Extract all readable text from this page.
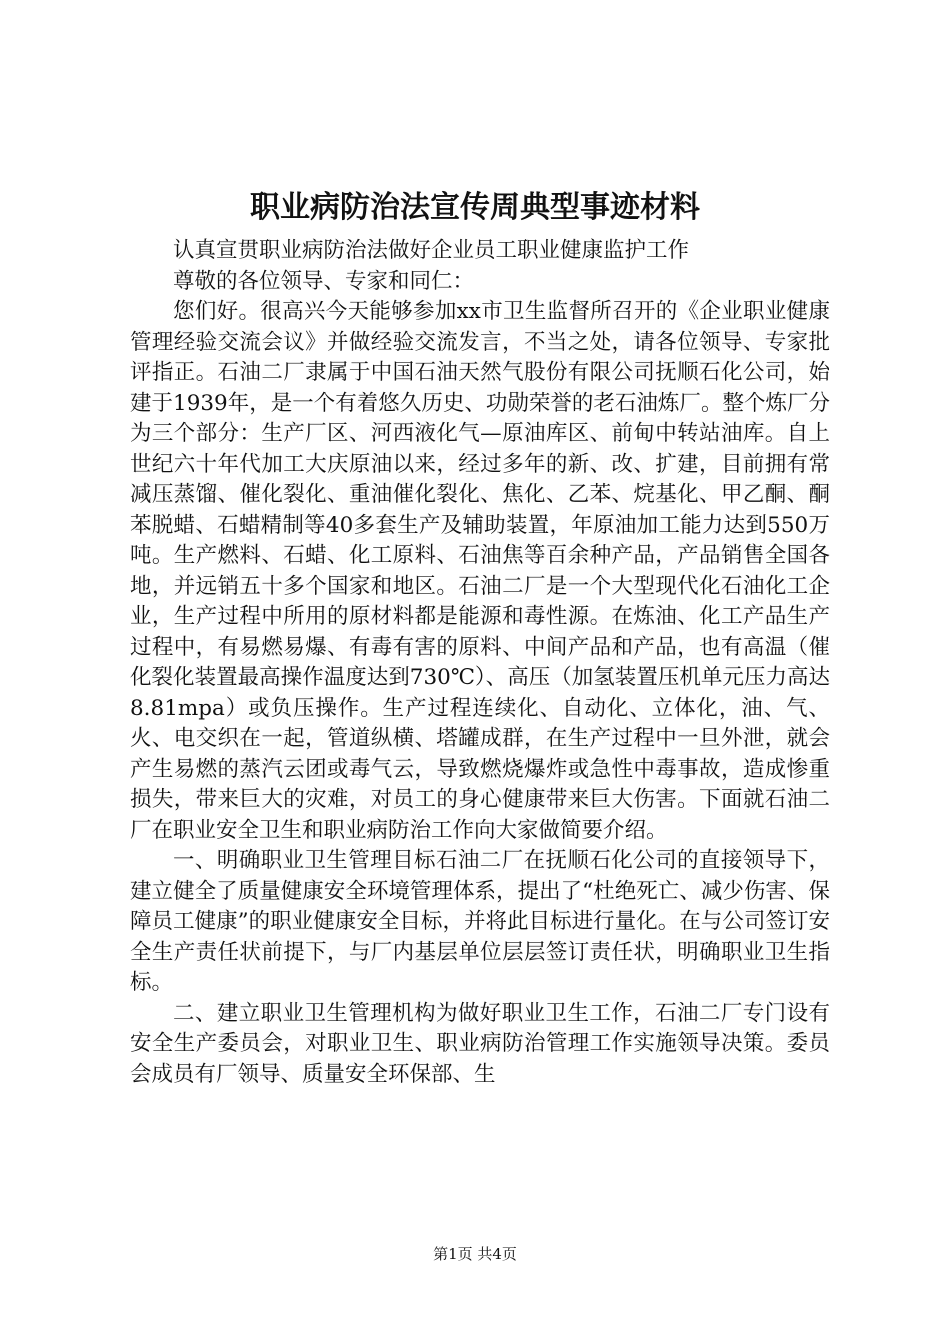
职业病防治法宣传周典型事迹材料

认真宣贯职业病防治法做好企业员工职业健康监护工作

尊敬的各位领导、专家和同仁：

您们好。很高兴今天能够参加xx市卫生监督所召开的《企业职业健康管理经验交流会议》并做经验交流发言，不当之处，请各位领导、专家批评指正。石油二厂隶属于中国石油天然气股份有限公司抚顺石化公司，始建于1939年，是一个有着悠久历史、功勋荣誉的老石油炼厂。整个炼厂分为三个部分：生产厂区、河西液化气—原油库区、前甸中转站油库。自上世纪六十年代加工大庆原油以来，经过多年的新、改、扩建，目前拥有常减压蒸馏、催化裂化、重油催化裂化、焦化、乙苯、烷基化、甲乙酮、酮苯脱蜡、石蜡精制等40多套生产及辅助装置，年原油加工能力达到550万吨。生产燃料、石蜡、化工原料、石油焦等百余种产品，产品销售全国各地，并远销五十多个国家和地区。石油二厂是一个大型现代化石油化工企业，生产过程中所用的原材料都是能源和毒性源。在炼油、化工产品生产过程中，有易燃易爆、有毒有害的原料、中间产品和产品，也有高温（催化裂化装置最高操作温度达到730℃）、高压（加氢装置压机单元压力高达8.81mpa）或负压操作。生产过程连续化、自动化、立体化，油、气、火、电交织在一起，管道纵横、塔罐成群，在生产过程中一旦外泄，就会产生易燃的蒸汽云团或毒气云，导致燃烧爆炸或急性中毒事故，造成惨重损失，带来巨大的灾难，对员工的身心健康带来巨大伤害。下面就石油二厂在职业安全卫生和职业病防治工作向大家做简要介绍。

一、明确职业卫生管理目标石油二厂在抚顺石化公司的直接领导下，建立健全了质量健康安全环境管理体系，提出了“杜绝死亡、减少伤害、保障员工健康”的职业健康安全目标，并将此目标进行量化。在与公司签订安全生产责任状前提下，与厂内基层单位层层签订责任状，明确职业卫生指标。

二、建立职业卫生管理机构为做好职业卫生工作，石油二厂专门设有安全生产委员会，对职业卫生、职业病防治管理工作实施领导决策。委员会成员有厂领导、质量安全环保部、生

第1页 共4页
